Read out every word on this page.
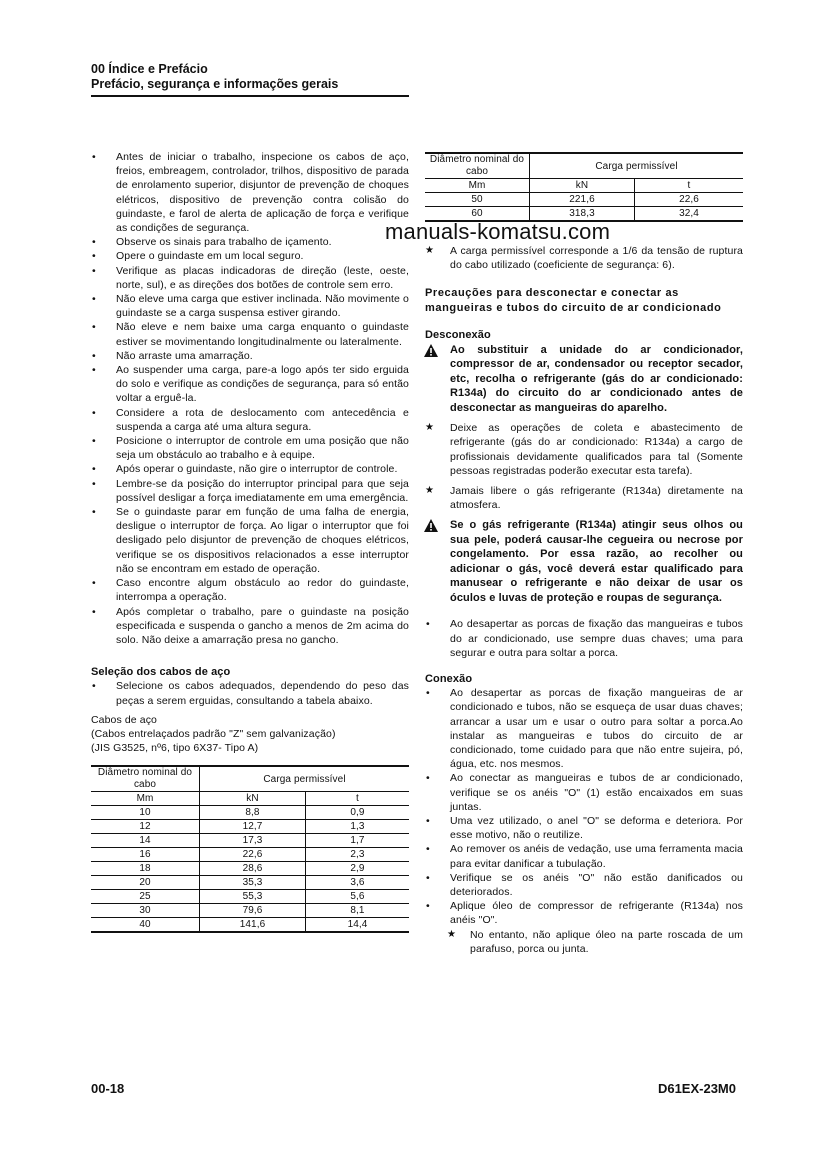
00 Índice e Prefácio
Prefácio, segurança e informações gerais
•	Antes de iniciar o trabalho, inspecione os cabos de aço, freios, embreagem, controlador, trilhos, dispositivo de parada de enrolamento superior, disjuntor de prevenção de choques elétricos, dispositivo de prevenção contra colisão do guindaste, e farol de alerta de aplicação de força e verifique as condições de segurança.
•	Observe os sinais para trabalho de içamento.
•	Opere o guindaste em um local seguro.
•	Verifique as placas indicadoras de direção (leste, oeste, norte, sul), e as direções dos botões de controle sem erro.
•	Não eleve uma carga que estiver inclinada. Não movimente o guindaste se a carga suspensa estiver girando.
•	Não eleve e nem baixe uma carga enquanto o guindaste estiver se movimentando longitudinalmente ou lateralmente.
•	Não arraste uma amarração.
•	Ao suspender uma carga, pare-a logo após ter sido erguida do solo e verifique as condições de segurança, para só então voltar a erguê-la.
•	Considere a rota de deslocamento com antecedência e suspenda a carga até uma altura segura.
•	Posicione o interruptor de controle em uma posição que não seja um obstáculo ao trabalho e à equipe.
•	Após operar o guindaste, não gire o interruptor de controle.
•	Lembre-se da posição do interruptor principal para que seja possível desligar a força imediatamente em uma emergência.
•	Se o guindaste parar em função de uma falha de energia, desligue o interruptor de força. Ao ligar o interruptor que foi desligado pelo disjuntor de prevenção de choques elétricos, verifique se os dispositivos relacionados a esse interruptor não se encontram em estado de operação.
•	Caso encontre algum obstáculo ao redor do guindaste, interrompa a operação.
•	Após completar o trabalho, pare o guindaste na posição especificada e suspenda o gancho a menos de 2m acima do solo. Não deixe a amarração presa no gancho.
Seleção dos cabos de aço
•	Selecione os cabos adequados, dependendo do peso das peças a serem erguidas, consultando a tabela abaixo.
Cabos de aço
(Cabos entrelaçados padrão "Z" sem galvanização)
(JIS G3525, nº6, tipo 6X37- Tipo A)
Diâmetro nominal do cabo	Carga permissível	
Mm	kN	t
10	8,8	0,9
12	12,7	1,3
14	17,3	1,7
16	22,6	2,3
18	28,6	2,9
20	35,3	3,6
25	55,3	5,6
30	79,6	8,1
40	141,6	14,4
Diâmetro nominal do cabo	Carga permissível	
Mm	kN	t
50	221,6	22,6
60	318,3	32,4
★ A carga permissível corresponde a 1/6 da tensão de ruptura do cabo utilizado (coeficiente de segurança: 6).
Precauções para desconectar e conectar as mangueiras e tubos do circuito de ar condicionado
Desconexão
Ao substituir a unidade do ar condicionador, compressor de ar, condensador ou receptor secador, etc, recolha o refrigerante (gás do ar condicionado: R134a) do circuito do ar condicionado antes de desconectar as mangueiras do aparelho.
★ Deixe as operações de coleta e abastecimento de refrigerante (gás do ar condicionado: R134a) a cargo de profissionais devidamente qualificados para tal (Somente pessoas registradas poderão executar esta tarefa).
★ Jamais libere o gás refrigerante (R134a) diretamente na atmosfera.
Se o gás refrigerante (R134a) atingir seus olhos ou sua pele, poderá causar-lhe cegueira ou necrose por congelamento. Por essa razão, ao recolher ou adicionar o gás, você deverá estar qualificado para manusear o refrigerante e não deixar de usar os óculos e luvas de proteção e roupas de segurança.
•	Ao desapertar as porcas de fixação das mangueiras e tubos do ar condicionado, use sempre duas chaves; uma para segurar e outra para soltar a porca.
Conexão
•	Ao desapertar as porcas de fixação mangueiras de ar condicionado e tubos, não se esqueça de usar duas chaves; arrancar a usar um e usar o outro para soltar a porca.Ao instalar as mangueiras e tubos do circuito de ar condicionado, tome cuidado para que não entre sujeira, pó, água, etc. nos mesmos.
•	Ao conectar as mangueiras e tubos de ar condicionado, verifique se os anéis "O" (1) estão encaixados em suas juntas.
•	Uma vez utilizado, o anel "O" se deforma e deteriora. Por esse motivo, não o reutilize.
•	Ao remover os anéis de vedação, use uma ferramenta macia para evitar danificar a tubulação.
•	Verifique se os anéis "O" não estão danificados ou deteriorados.
•	Aplique óleo de compressor de refrigerante (R134a) nos anéis "O".
★ No entanto, não aplique óleo na parte roscada de um parafuso, porca ou junta.
manuals-komatsu.com
00-18	D61EX-23M0
